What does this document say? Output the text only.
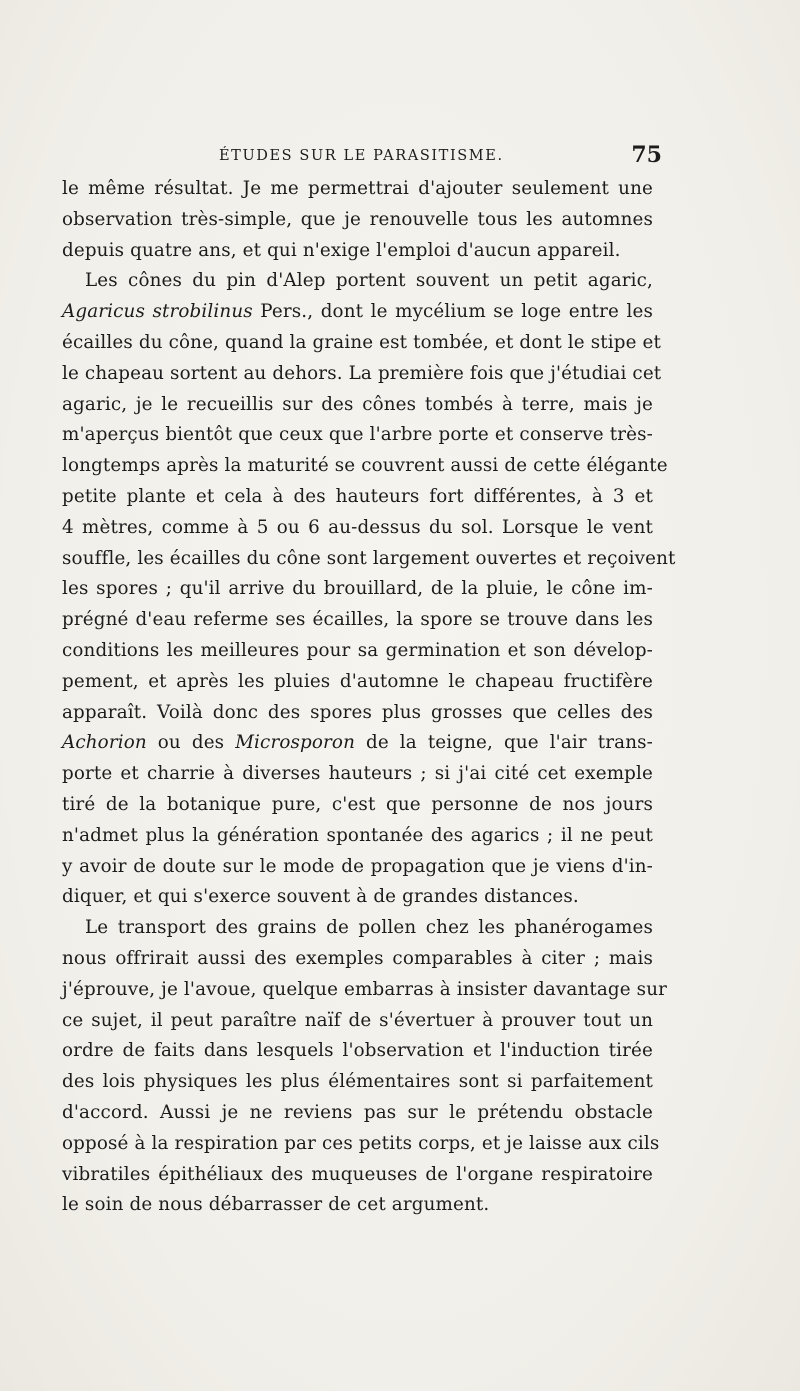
ÉTUDES SUR LE PARASITISME.	75
le même résultat. Je me permettrai d'ajouter seulement une
observation très-simple, que je renouvelle tous les automnes
depuis quatre ans, et qui n'exige l'emploi d'aucun appareil.
Les cônes du pin d'Alep portent souvent un petit agaric,
Agaricus strobilinus Pers., dont le mycélium se loge entre les
écailles du cône, quand la graine est tombée, et dont le stipe et
le chapeau sortent au dehors. La première fois que j'étudiai cet
agaric, je le recueillis sur des cônes tombés à terre, mais je
m'aperçus bientôt que ceux que l'arbre porte et conserve très-
longtemps après la maturité se couvrent aussi de cette élégante
petite plante et cela à des hauteurs fort différentes, à 3 et
4 mètres, comme à 5 ou 6 au-dessus du sol. Lorsque le vent
souffle, les écailles du cône sont largement ouvertes et reçoivent
les spores ; qu'il arrive du brouillard, de la pluie, le cône im-
prégné d'eau referme ses écailles, la spore se trouve dans les
conditions les meilleures pour sa germination et son dévelop-
pement, et après les pluies d'automne le chapeau fructifère
apparaît. Voilà donc des spores plus grosses que celles des
Achorion ou des Microsporon de la teigne, que l'air trans-
porte et charrie à diverses hauteurs ; si j'ai cité cet exemple
tiré de la botanique pure, c'est que personne de nos jours
n'admet plus la génération spontanée des agarics ; il ne peut
y avoir de doute sur le mode de propagation que je viens d'in-
diquer, et qui s'exerce souvent à de grandes distances.
Le transport des grains de pollen chez les phanérogames
nous offrirait aussi des exemples comparables à citer ; mais
j'éprouve, je l'avoue, quelque embarras à insister davantage sur
ce sujet, il peut paraître naïf de s'évertuer à prouver tout un
ordre de faits dans lesquels l'observation et l'induction tirée
des lois physiques les plus élémentaires sont si parfaitement
d'accord. Aussi je ne reviens pas sur le prétendu obstacle
opposé à la respiration par ces petits corps, et je laisse aux cils
vibratiles épithéliaux des muqueuses de l'organe respiratoire
le soin de nous débarrasser de cet argument.
